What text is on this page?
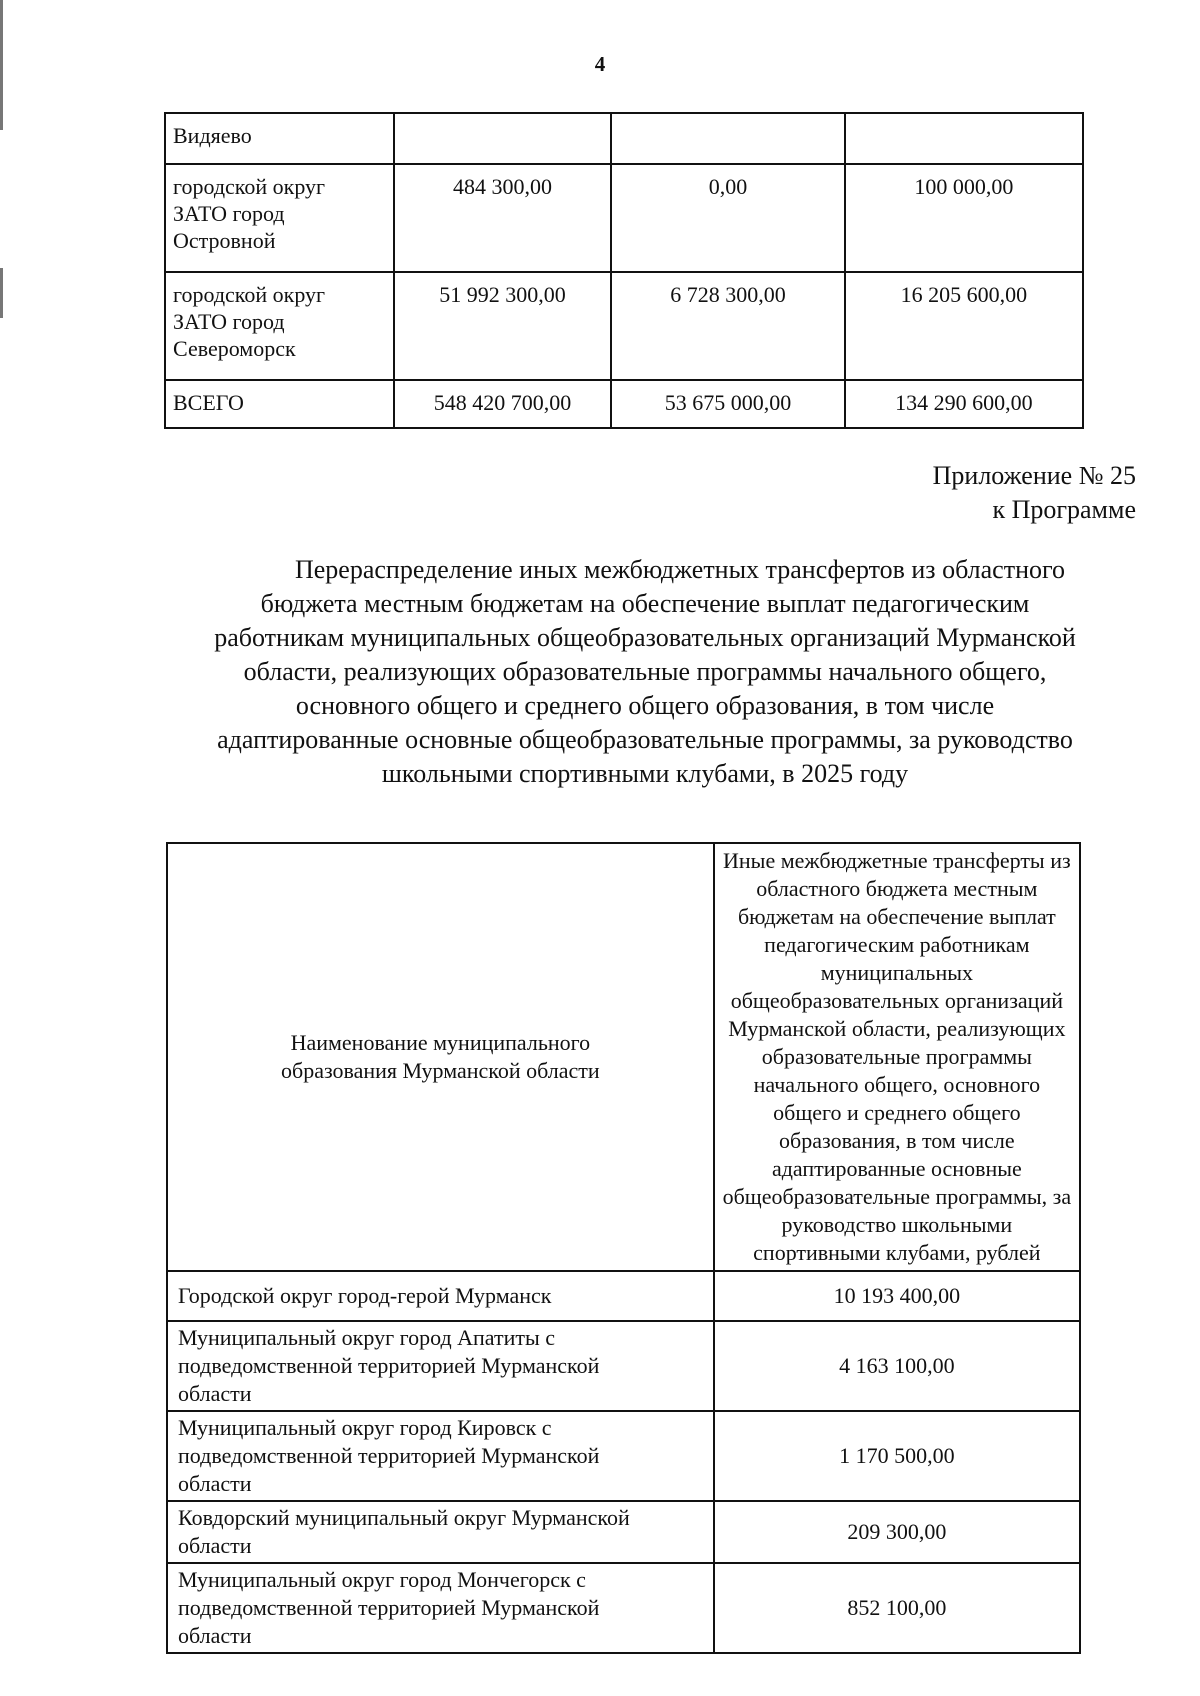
4
Видяево			
городской округ ЗАТО город Островной	484 300,00	0,00	100 000,00
городской округ ЗАТО город Североморск	51 992 300,00	6 728 300,00	16 205 600,00
ВСЕГО	548 420 700,00	53 675 000,00	134 290 600,00
Приложение № 25
к Программе
Перераспределение иных межбюджетных трансфертов из областного
бюджета местным бюджетам на обеспечение выплат педагогическим
работникам муниципальных общеобразовательных организаций Мурманской
области, реализующих образовательные программы начального общего,
основного общего и среднего общего образования, в том числе
адаптированные основные общеобразовательные программы, за руководство
школьными спортивными клубами, в 2025 году
Наименование муниципального образования Мурманской области	Иные межбюджетные трансферты из областного бюджета местным бюджетам на обеспечение выплат педагогическим работникам муниципальных общеобразовательных организаций Мурманской области, реализующих образовательные программы начального общего, основного общего и среднего общего образования, в том числе адаптированные основные общеобразовательные программы, за руководство школьными спортивными клубами, рублей
Городской округ город-герой Мурманск	10 193 400,00
Муниципальный округ город Апатиты с подведомственной территорией Мурманской области	4 163 100,00
Муниципальный округ город Кировск с подведомственной территорией Мурманской области	1 170 500,00
Ковдорский муниципальный округ Мурманской области	209 300,00
Муниципальный округ город Мончегорск с подведомственной территорией Мурманской области	852 100,00
